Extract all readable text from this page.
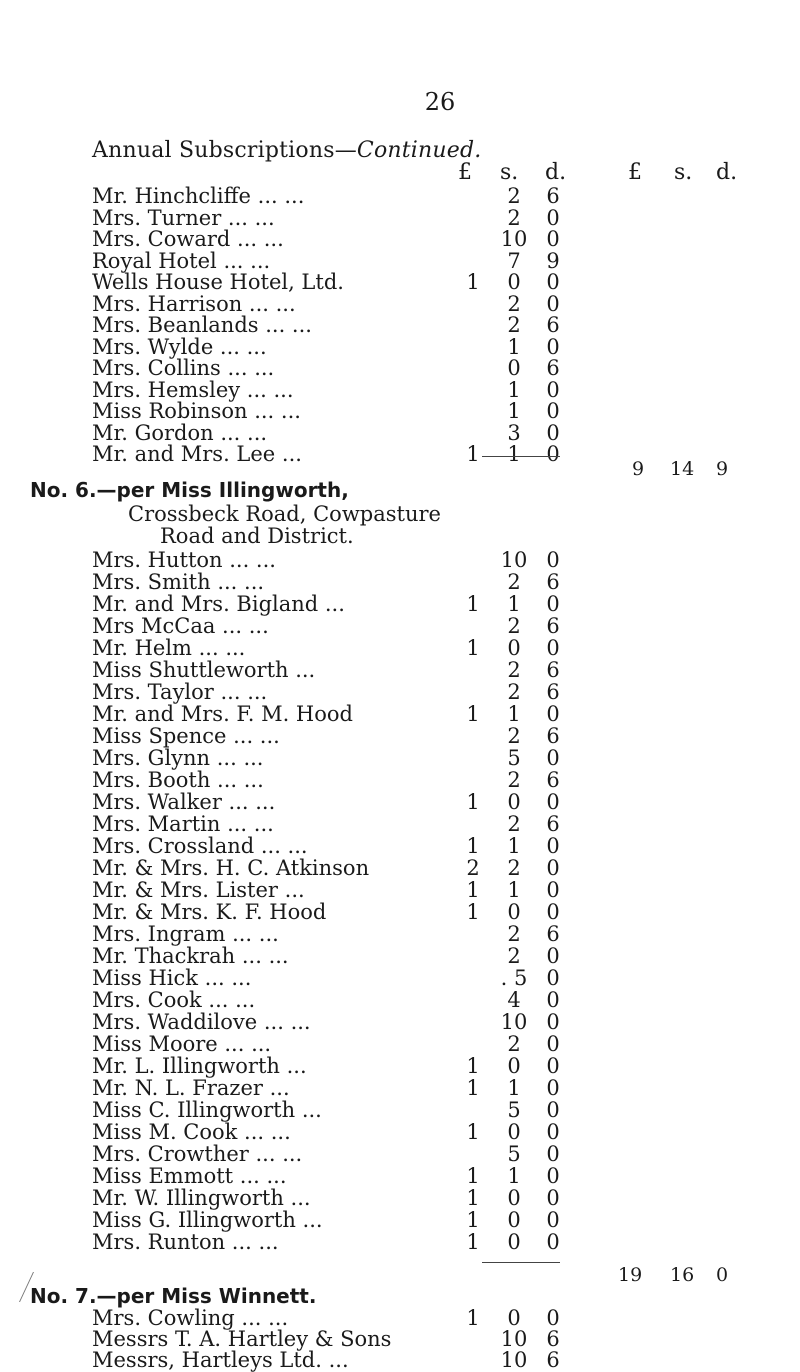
26
Annual Subscriptions—Continued.
£ s. d.	£ s. d.
Mr. Hinchcliffe ... ...	2	6
Mrs. Turner ... ...	2	0
Mrs. Coward ... ...	10 0
Royal Hotel ... ...	7	9
Wells House Hotel, Ltd.	1	0	0
Mrs. Harrison ... ...	2	0
Mrs. Beanlands ... ...	2	6
Mrs. Wylde ... ...	1	0
Mrs. Collins ... ...	0	6
Mrs. Hemsley ... ...	1	0
Miss Robinson ... ...	1	0
Mr. Gordon ... ...	3	0
Mr. and Mrs. Lee ...	1	1	0
9 14 9
No. 6.—per Miss Illingworth,
Crossbeck Road, Cowpasture
Road and District.
Mrs. Hutton ... ...	10 0
Mrs. Smith ... ...	2	6
Mr. and Mrs. Bigland ...	1	1	0
Mrs McCaa ... ...	2	6
Mr. Helm ... ...	1	0	0
Miss Shuttleworth ...	2	6
Mrs. Taylor ... ...	2	6
Mr. and Mrs. F. M. Hood	1	1	0
Miss Spence ... ...	2	6
Mrs. Glynn ... ...	5	0
Mrs. Booth ... ...	2	6
Mrs. Walker ... ...	1	0	0
Mrs. Martin ... ...	2	6
Mrs. Crossland ... ...	1	1	0
Mr. & Mrs. H. C. Atkinson	2	2	0
Mr. & Mrs. Lister ...	1	1	0
Mr. & Mrs. K. F. Hood	1	0	0
Mrs. Ingram ... ...	2	6
Mr. Thackrah ... ...	2	0
Miss Hick ... ...	. 5 0
Mrs. Cook ... ...	4	0
Mrs. Waddilove ... ...	10 0
Miss Moore ... ...	2	0
Mr. L. Illingworth ...	1	0	0
Mr. N. L. Frazer ...	1	1	0
Miss C. Illingworth ...	5	0
Miss M. Cook ... ...	1	0	0
Mrs. Crowther ... ...	5	0
Miss Emmott ... ...	1	1	0
Mr. W. Illingworth ...	1	0	0
Miss G. Illingworth ...	1	0	0
Mrs. Runton ... ...	1	0	0
19 16 0
No. 7.—per Miss Winnett.
Mrs. Cowling ... ...	1	0	0
Messrs T. A. Hartley & Sons	10 6
Messrs, Hartleys Ltd. ...	10 6
